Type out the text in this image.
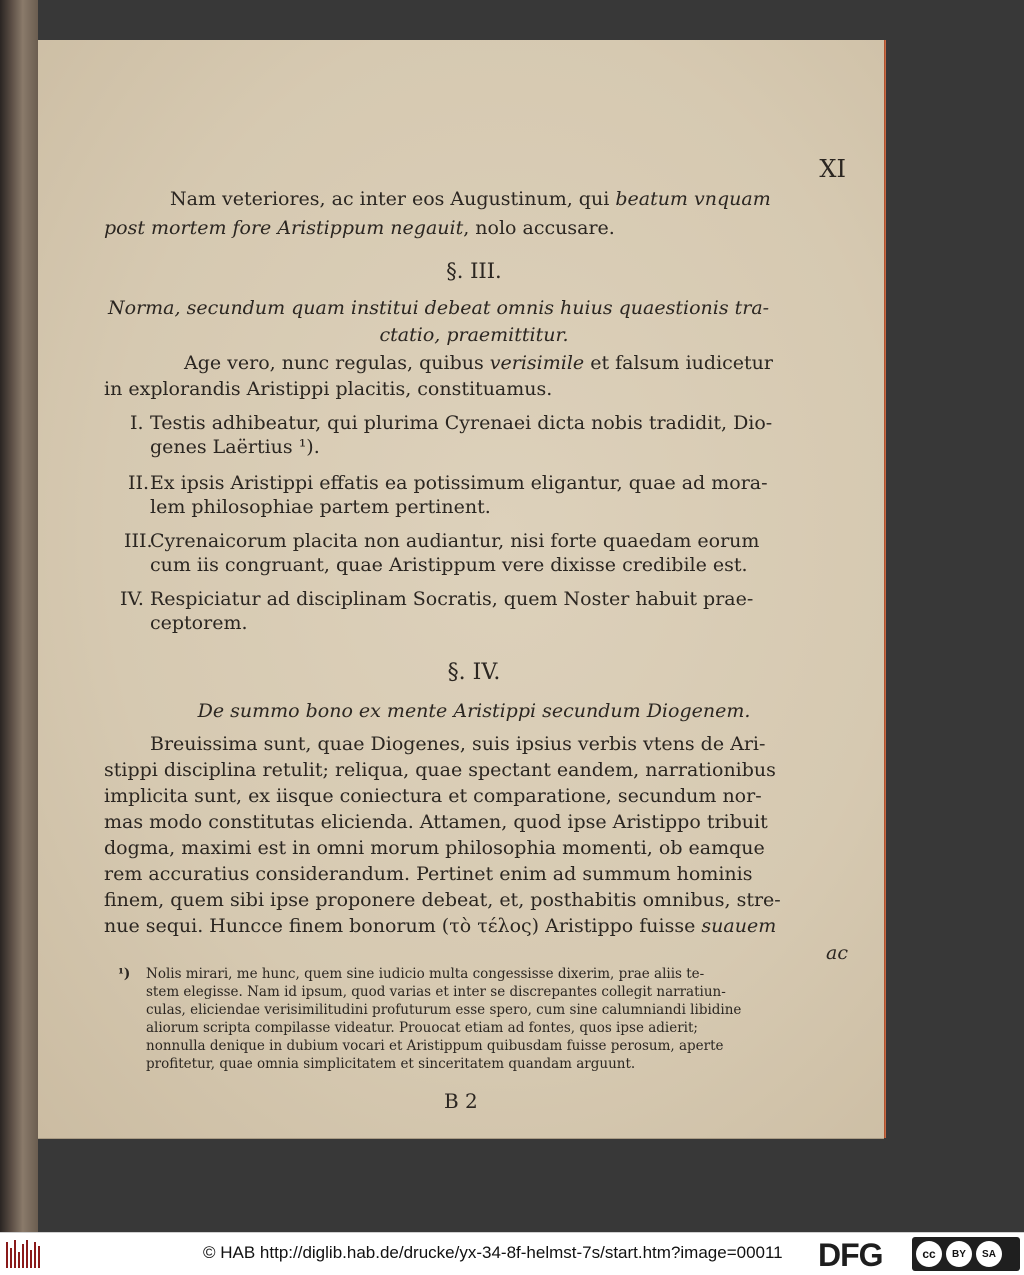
XI
Nam veteriores, ac inter eos Augustinum, qui beatum vnquam
post mortem fore Aristippum negauit, nolo accusare.
§. III.
Norma, secundum quam institui debeat omnis huius quaestionis tra-
ctatio, praemittitur.
Age vero, nunc regulas, quibus verisimile et falsum iudicetur
in explorandis Aristippi placitis, constituamus.
I. Testis adhibeatur, qui plurima Cyrenaei dicta nobis tradidit, Dio-
genes Laërtius ¹).
II. Ex ipsis Aristippi effatis ea potissimum eligantur, quae ad mora-
lem philosophiae partem pertinent.
III.
Cyrenaicorum placita non audiantur, nisi forte quaedam eorum
cum iis congruant, quae Aristippum vere dixisse credibile est.
IV. Respiciatur ad disciplinam Socratis, quem Noster habuit prae-
ceptorem.
§. IV.
De summo bono ex mente Aristippi secundum Diogenem.
Breuissima sunt, quae Diogenes, suis ipsius verbis vtens de Ari-
stippi disciplina retulit; reliqua, quae spectant eandem, narrationibus
implicita sunt, ex iisque coniectura et comparatione, secundum nor-
mas modo constitutas elicienda. Attamen, quod ipse Aristippo tribuit
dogma, maximi est in omni morum philosophia momenti, ob eamque
rem accuratius considerandum. Pertinet enim ad summum hominis
finem, quem sibi ipse proponere debeat, et, posthabitis omnibus, stre-
nue sequi. Huncce finem bonorum (τὸ τέλος) Aristippo fuisse suauem
ac
¹) Nolis mirari, me hunc, quem sine iudicio multa congessisse dixerim, prae aliis te-
stem elegisse. Nam id ipsum, quod varias et inter se discrepantes collegit narratiun-
culas, eliciendae verisimilitudini profuturum esse spero, cum sine calumniandi libidine
aliorum scripta compilasse videatur. Prouocat etiam ad fontes, quos ipse adierit;
nonnulla denique in dubium vocari et Aristippum quibusdam fuisse perosum, aperte
profitetur, quae omnia simplicitatem et sinceritatem quandam arguunt.
B 2
© HAB http://diglib.hab.de/drucke/yx-34-8f-helmst-7s/start.htm?image=00011 DFG	cc	BY	SA
